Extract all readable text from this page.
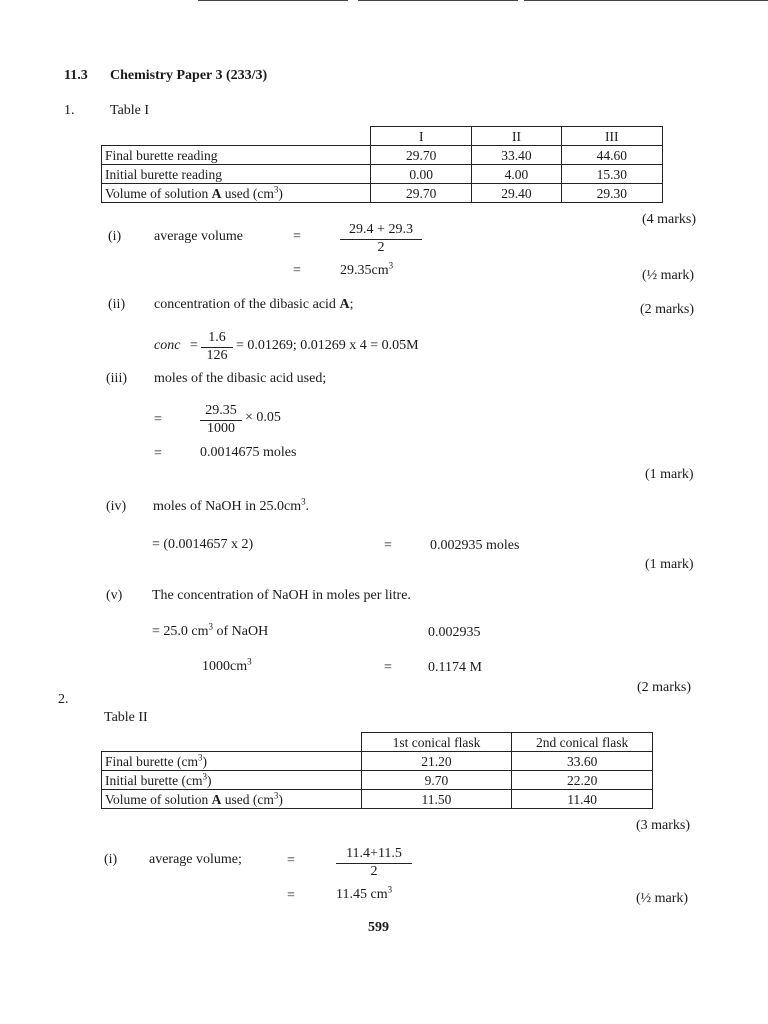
11.3 Chemistry Paper 3 (233/3)
1.	Table I
	I	II	III
Final burette reading	29.70	33.40	44.60
Initial burette reading	0.00	4.00	15.30
Volume of solution A used $(cm^3)$	29.70	29.40	29.30
(4 marks)
(i) average volume	=	$\frac{29.4 + 29.3}{2}$
=	$29.35cm^3$
(½ mark)
(ii) concentration of the dibasic acid A;	(2 marks)
conc = $\frac{1.6}{126} = 0.01269$; 0.01269 x 4 = 0.05M
(iii) moles of the dibasic acid used;
=	$\frac{29.35}{1000} \times 0.05$
=	0.0014675 moles
(1 mark)
(iv) moles of NaOH in $25.0cm^3$.
= (0.0014657 x 2)	=	0.002935 moles
(1 mark)
(v) The concentration of NaOH in moles per litre.
= 25.0 $cm^3$ of NaOH	0.002935
$1000cm^3$	=	0.1174 M
(2 marks)
2.
Table II
	1st conical flask	2nd conical flask
Final burette $(cm^3)$	21.20	33.60
Initial burette $(cm^3)$	9.70	22.20
Volume of solution A used $(cm^3)$	11.50	11.40
(3 marks)
(i) average volume;	=	$\frac{11.4+11.5}{2}$
=	11.45 $cm^3$
(½ mark)
599
